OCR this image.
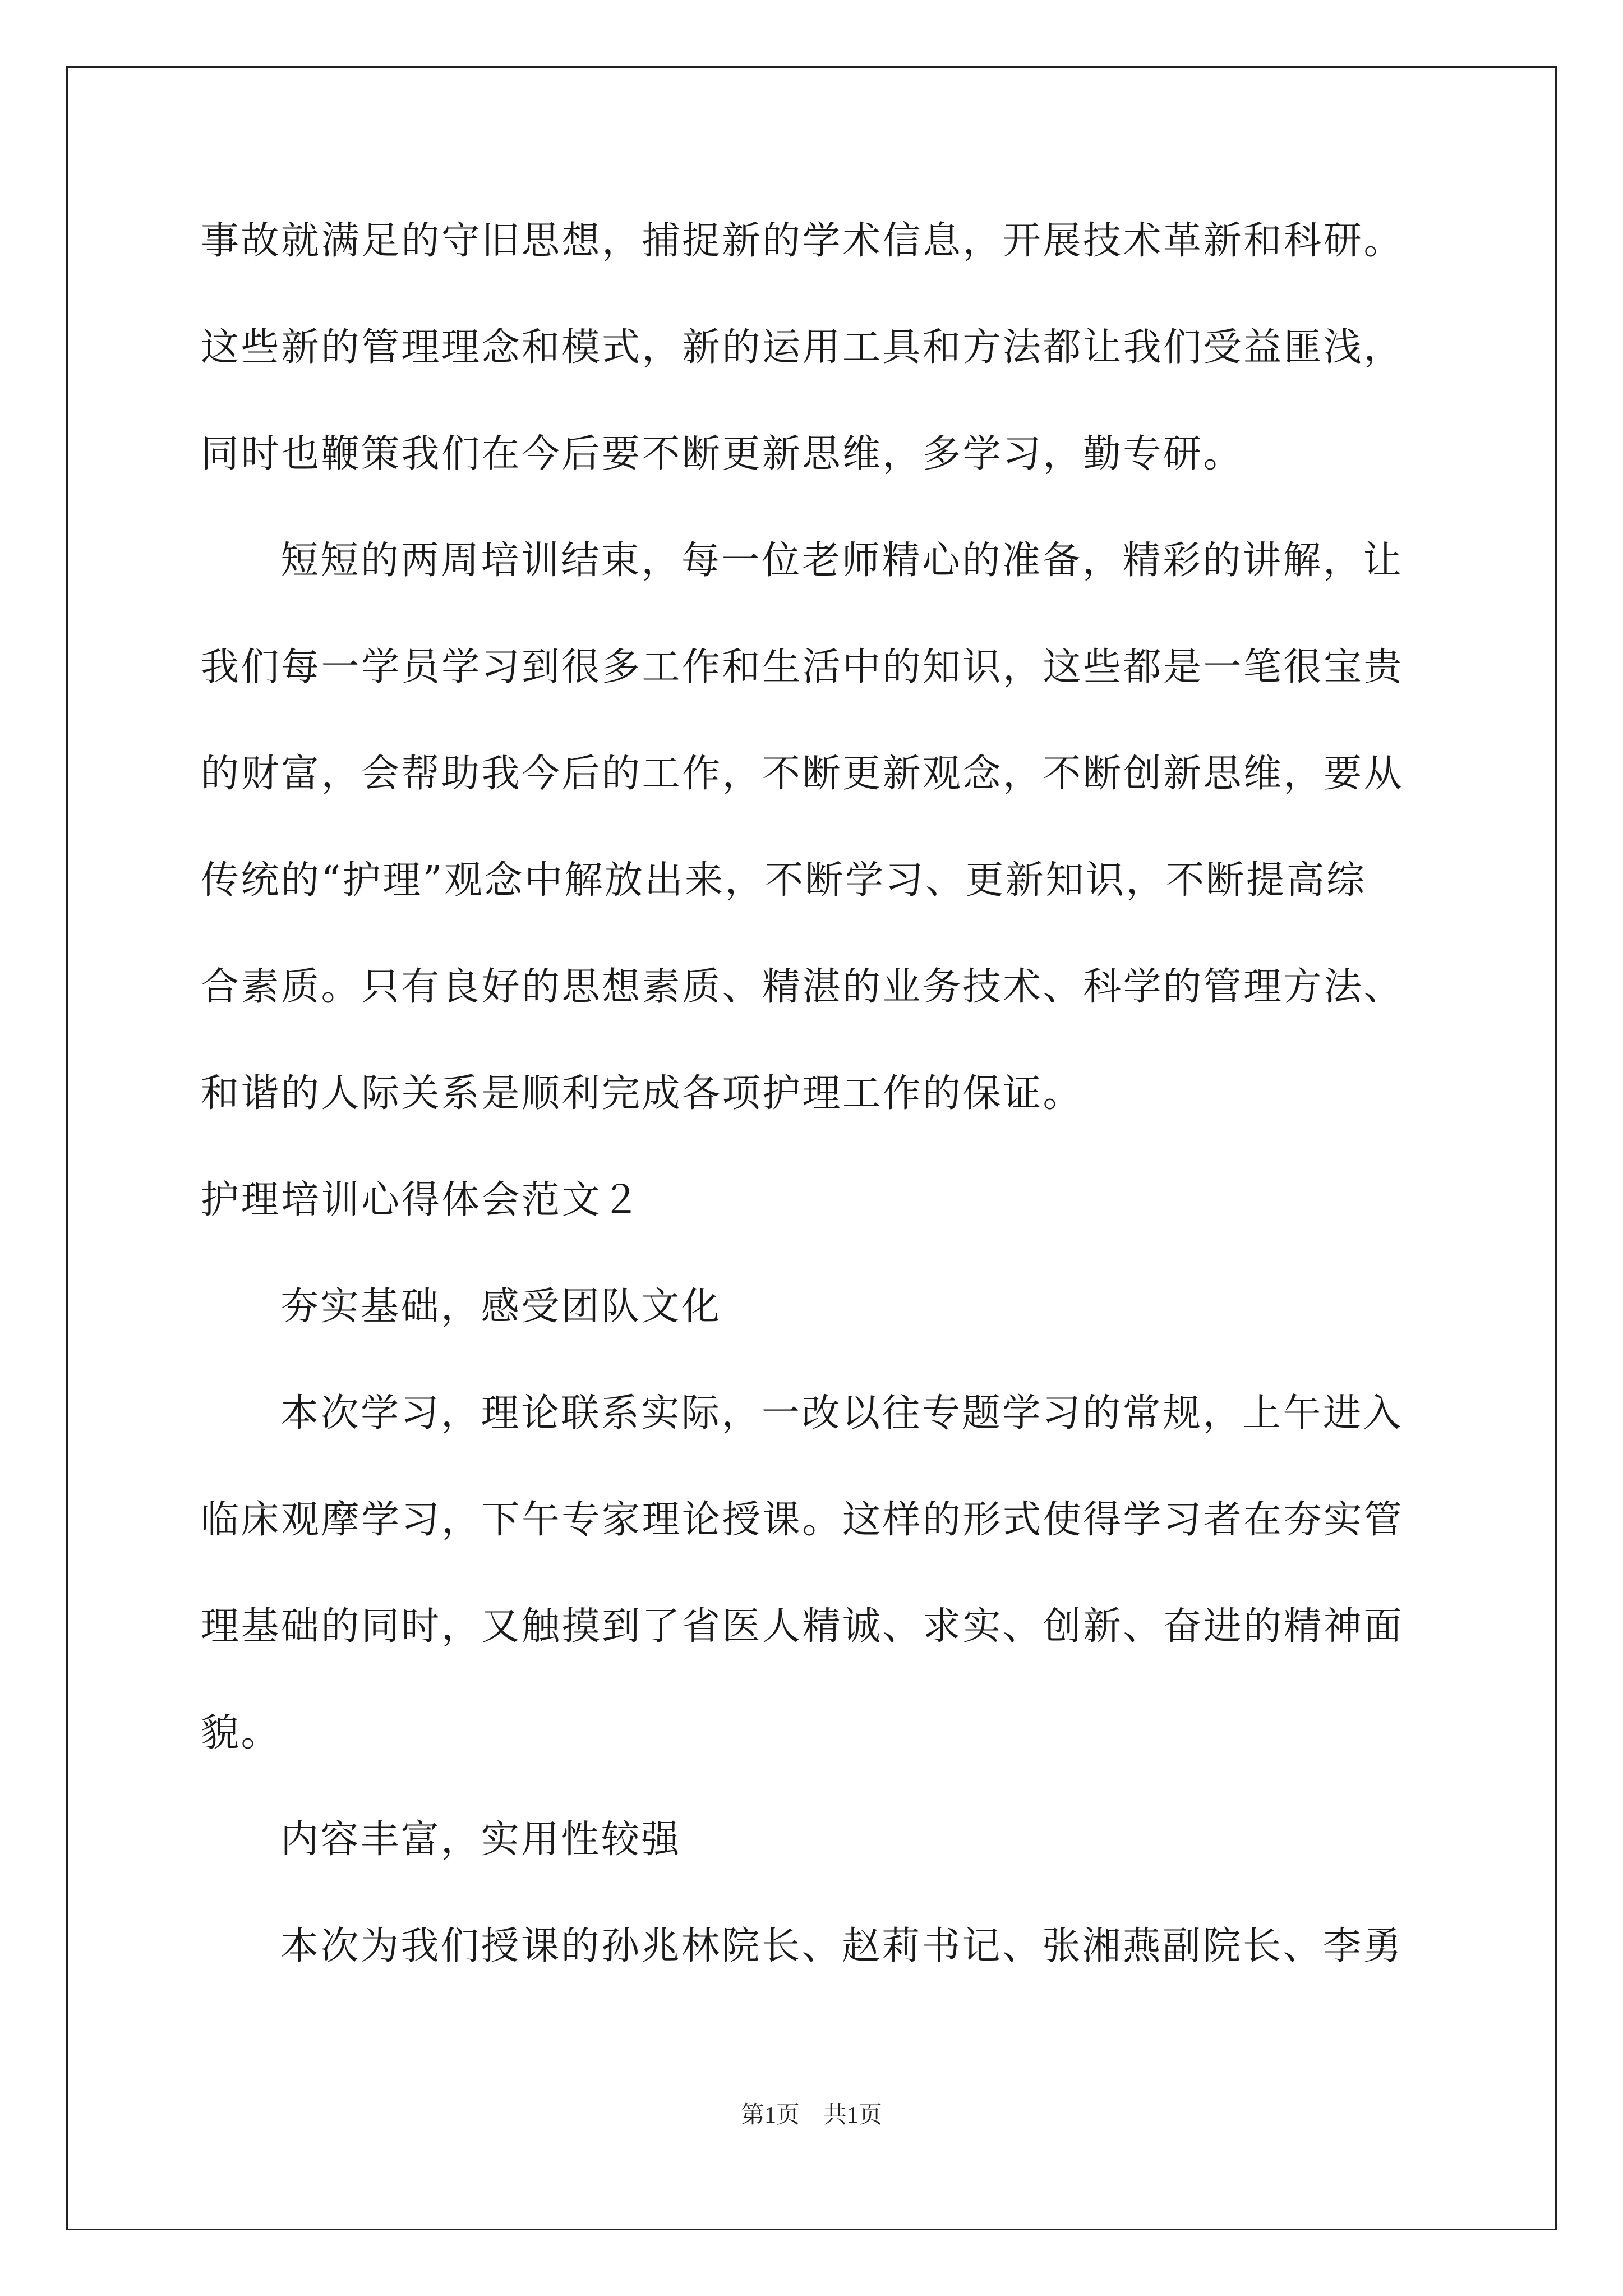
事故就满足的守旧思想，捕捉新的学术信息，开展技术革新和科研。
这些新的管理理念和模式，新的运用工具和方法都让我们受益匪浅，
同时也鞭策我们在今后要不断更新思维，多学习，勤专研。
短短的两周培训结束，每一位老师精心的准备，精彩的讲解，让
我们每一学员学习到很多工作和生活中的知识，这些都是一笔很宝贵
的财富，会帮助我今后的工作，不断更新观念，不断创新思维，要从
传统的“护理”观念中解放出来，不断学习、更新知识，不断提高综
合素质。只有良好的思想素质、精湛的业务技术、科学的管理方法、
和谐的人际关系是顺利完成各项护理工作的保证。
护理培训心得体会范文２
夯实基础，感受团队文化
本次学习，理论联系实际，一改以往专题学习的常规，上午进入
临床观摩学习，下午专家理论授课。这样的形式使得学习者在夯实管
理基础的同时，又触摸到了省医人精诚、求实、创新、奋进的精神面
貌。
内容丰富，实用性较强
本次为我们授课的孙兆林院长、赵莉书记、张湘燕副院长、李勇
第1页　共1页
